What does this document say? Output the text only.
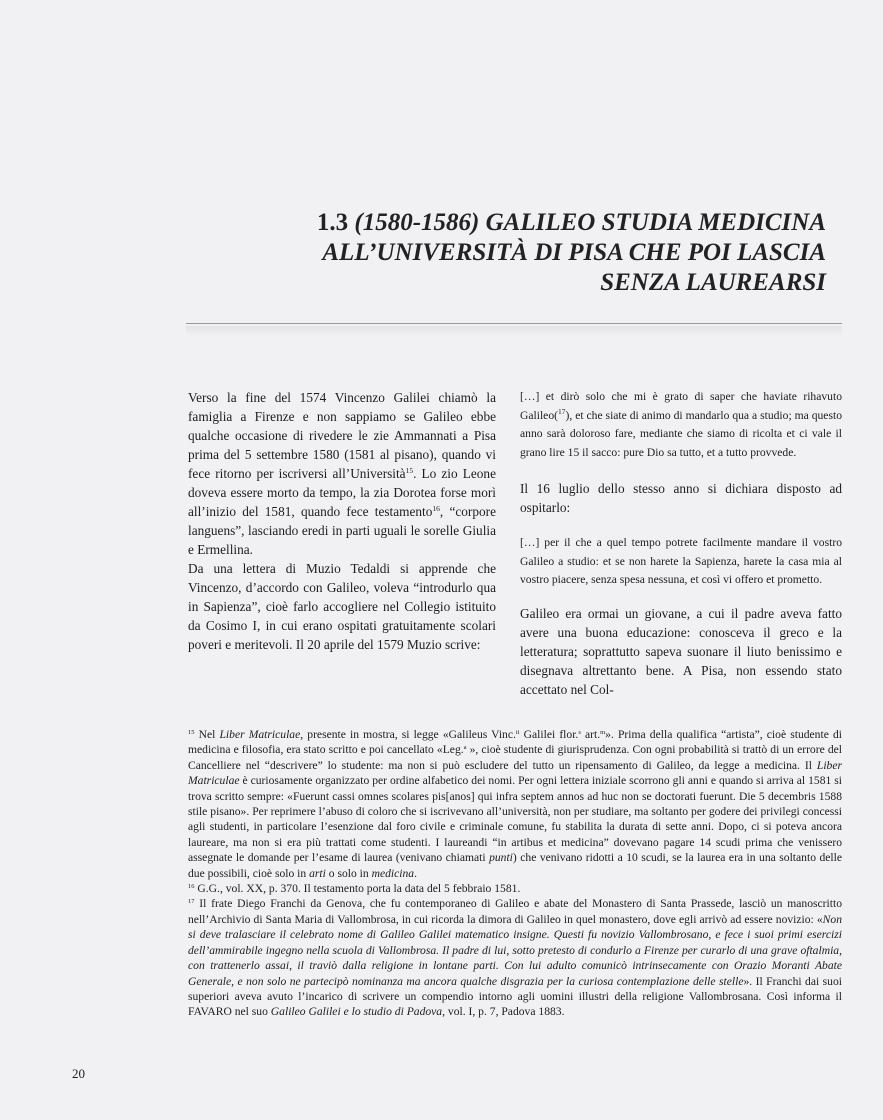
1.3 (1580-1586) GALILEO STUDIA MEDICINA
ALL’UNIVERSITÀ DI PISA CHE POI LASCIA
SENZA LAUREARSI

Verso la fine del 1574 Vincenzo Galilei chiamò la famiglia a Firenze e non sappiamo se Galileo ebbe qualche occasione di rivedere le zie Ammannati a Pisa prima del 5 settembre 1580 (1581 al pisano), quando vi fece ritorno per iscriversi all’Università$^{15}$. Lo zio Leone doveva essere morto da tempo, la zia Dorotea forse morì all’inizio del 1581, quando fece testamento$^{16}$, “corpore languens”, lasciando eredi in parti uguali le sorelle Giulia e Ermellina.

Da una lettera di Muzio Tedaldi si apprende che Vincenzo, d’accordo con Galileo, voleva “introdurlo qua in Sapienza”, cioè farlo accogliere nel Collegio istituito da Cosimo I, in cui erano ospitati gratuitamente scolari poveri e meritevoli. Il 20 aprile del 1579 Muzio scrive:

[…] et dirò solo che mi è grato di saper che haviate rihavuto Galileo($^{17}$), et che siate di animo di mandarlo qua a studio; ma questo anno sarà doloroso fare, mediante che siamo di ricolta et ci vale il grano lire 15 il sacco: pure Dio sa tutto, et a tutto provvede.

Il 16 luglio dello stesso anno si dichiara disposto ad ospitarlo:

[…] per il che a quel tempo potrete facilmente mandare il vostro Galileo a studio: et se non harete la Sapienza, harete la casa mia al vostro piacere, senza spesa nessuna, et così vi offero et prometto.

Galileo era ormai un giovane, a cui il padre aveva fatto avere una buona educazione: conosceva il greco e la letteratura; soprattutto sapeva suonare il liuto benissimo e disegnava altrettanto bene. A Pisa, non essendo stato accettato nel Col-

$^{15}$ Nel Liber Matriculae, presente in mostra, si legge «Galileus Vinc.$^{ii}$ Galilei flor.$^s$ art.$^m$». Prima della qualifica “artista”, cioè studente di medicina e filosofia, era stato scritto e poi cancellato «Leg.$^a$ », cioè studente di giurisprudenza. Con ogni probabilità si trattò di un errore del Cancelliere nel “descrivere” lo studente: ma non si può escludere del tutto un ripensamento di Galileo, da legge a medicina. Il Liber Matriculae è curiosamente organizzato per ordine alfabetico dei nomi. Per ogni lettera iniziale scorrono gli anni e quando si arriva al 1581 si trova scritto sempre: «Fuerunt cassi omnes scolares pis[anos] qui infra septem annos ad huc non se doctorati fuerunt. Die 5 decembris 1588 stile pisano». Per reprimere l’abuso di coloro che si iscrivevano all’università, non per studiare, ma soltanto per godere dei privilegi concessi agli studenti, in particolare l’esenzione dal foro civile e criminale comune, fu stabilita la durata di sette anni. Dopo, ci si poteva ancora laureare, ma non si era più trattati come studenti. I laureandi “in artibus et medicina” dovevano pagare 14 scudi prima che venissero assegnate le domande per l’esame di laurea (venivano chiamati punti) che venivano ridotti a 10 scudi, se la laurea era in una soltanto delle due possibili, cioè solo in arti o solo in medicina.

$^{16}$ G.G., vol. XX, p. 370. Il testamento porta la data del 5 febbraio 1581.

$^{17}$ Il frate Diego Franchi da Genova, che fu contemporaneo di Galileo e abate del Monastero di Santa Prassede, lasciò un manoscritto nell’Archivio di Santa Maria di Vallombrosa, in cui ricorda la dimora di Galileo in quel monastero, dove egli arrivò ad essere novizio: «Non si deve tralasciare il celebrato nome di Galileo Galilei matematico insigne. Questi fu novizio Vallombrosano, e fece i suoi primi esercizi dell’ammirabile ingegno nella scuola di Vallombrosa. Il padre di lui, sotto pretesto di condurlo a Firenze per curarlo di una grave oftalmia, con trattenerlo assai, il traviò dalla religione in lontane parti. Con lui adulto comunicò intrinsecamente con Orazio Moranti Abate Generale, e non solo ne partecipò nominanza ma ancora qualche disgrazia per la curiosa contemplazione delle stelle». Il Franchi dai suoi superiori aveva avuto l’incarico di scrivere un compendio intorno agli uomini illustri della religione Vallombrosana. Così informa il FAVARO nel suo Galileo Galilei e lo studio di Padova, vol. I, p. 7, Padova 1883.

20
